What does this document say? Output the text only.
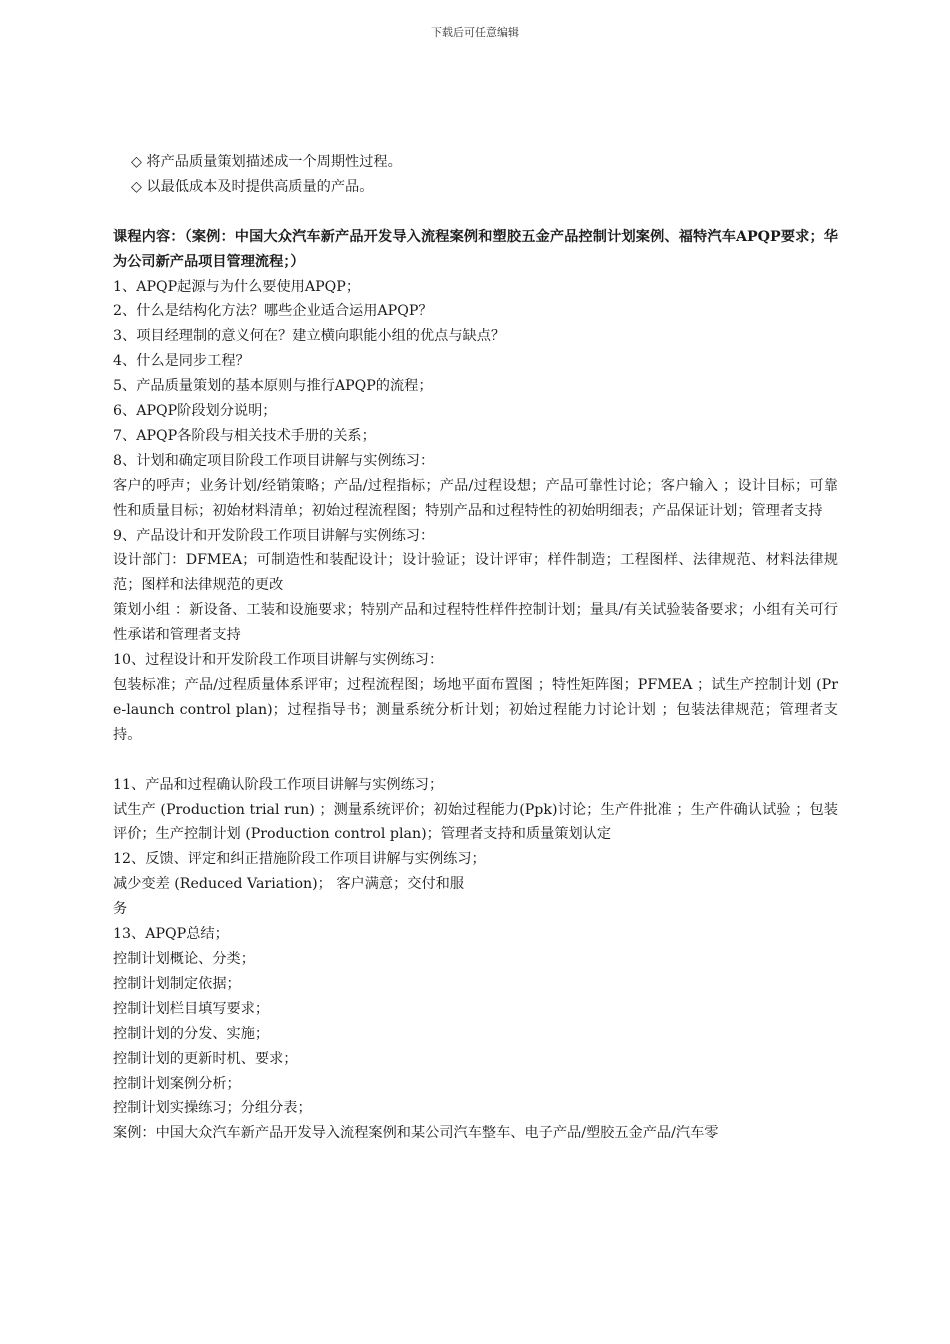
下载后可任意编辑

◇ 将产品质量策划描述成一个周期性过程。

◇ 以最低成本及时提供高质量的产品。

课程内容：（案例：中国大众汽车新产品开发导入流程案例和塑胶五金产品控制计划案例、福特汽车APQP要求；华为公司新产品项目管理流程；）

1、APQP起源与为什么要使用APQP；

2、什么是结构化方法？哪些企业适合运用APQP？

3、项目经理制的意义何在？建立横向职能小组的优点与缺点？

4、什么是同步工程？

5、产品质量策划的基本原则与推行APQP的流程；

6、APQP阶段划分说明；

7、APQP各阶段与相关技术手册的关系；

8、计划和确定项目阶段工作项目讲解与实例练习：

客户的呼声；业务计划/经销策略；产品/过程指标；产品/过程设想；产品可靠性讨论；客户输入 ；设计目标；可靠性和质量目标；初始材料清单；初始过程流程图；特别产品和过程特性的初始明细表；产品保证计划；管理者支持

9、产品设计和开发阶段工作项目讲解与实例练习：

设计部门：DFMEA；可制造性和装配设计；设计验证；设计评审；样件制造；工程图样、法律规范、材料法律规范；图样和法律规范的更改

策划小组 ：新设备、工装和设施要求；特别产品和过程特性样件控制计划；量具/有关试验装备要求；小组有关可行性承诺和管理者支持

10、过程设计和开发阶段工作项目讲解与实例练习：

包装标准；产品/过程质量体系评审；过程流程图；场地平面布置图 ；特性矩阵图；PFMEA ；试生产控制计划 (Pre-launch control plan)；过程指导书；测量系统分析计划；初始过程能力讨论计划 ；包装法律规范；管理者支持。

11、产品和过程确认阶段工作项目讲解与实例练习；

试生产 (Production trial run) ；测量系统评价；初始过程能力(Ppk)讨论；生产件批准 ；生产件确认试验 ；包装评价；生产控制计划 (Production control plan)；管理者支持和质量策划认定

12、反馈、评定和纠正措施阶段工作项目讲解与实例练习；

减少变差 (Reduced Variation)； 客户满意；交付和服

务

13、APQP总结；

控制计划概论、分类；

控制计划制定依据；

控制计划栏目填写要求；

控制计划的分发、实施；

控制计划的更新时机、要求；

控制计划案例分析；

控制计划实操练习；分组分表；

案例：中国大众汽车新产品开发导入流程案例和某公司汽车整车、电子产品/塑胶五金产品/汽车零
